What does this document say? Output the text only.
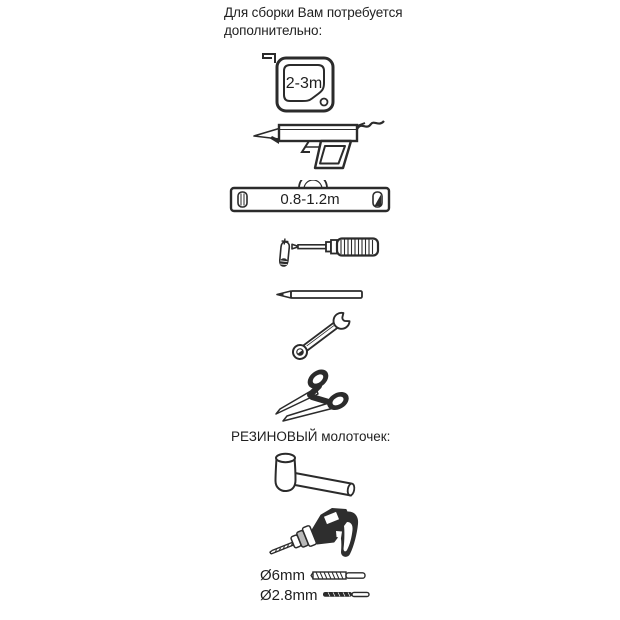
Для сборки Вам потребуется
дополнительно:
2-3m
0.8-1.2m
РЕЗИНОВЫЙ молоточек:
Ø6mm
Ø2.8mm
